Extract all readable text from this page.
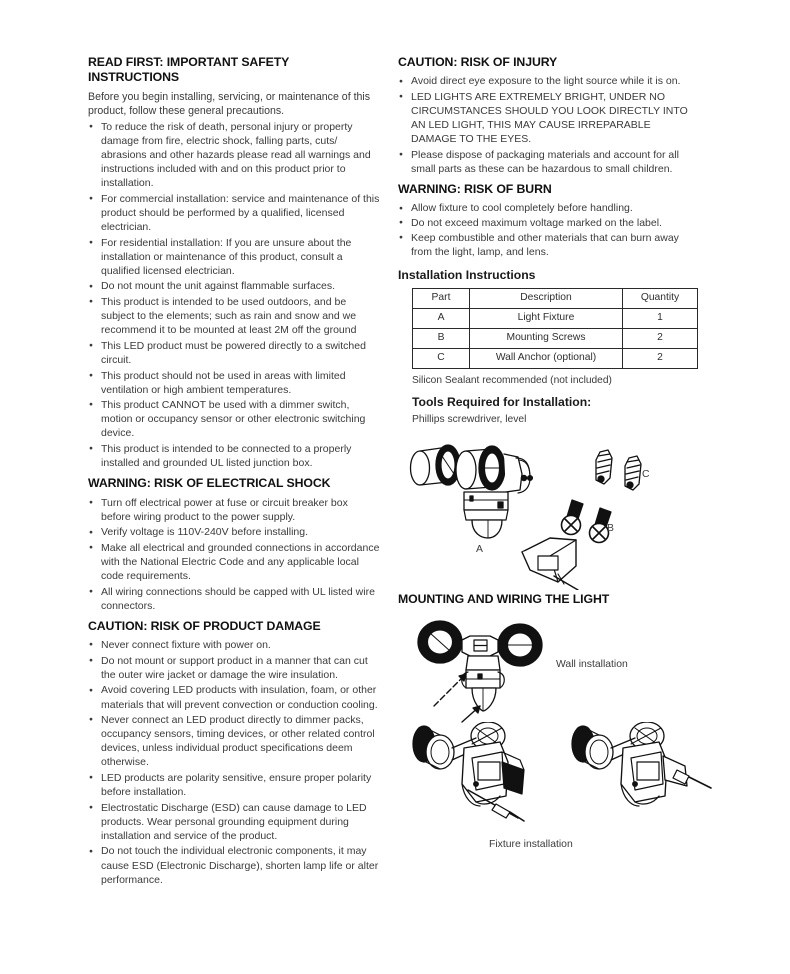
READ FIRST: IMPORTANT SAFETY INSTRUCTIONS

Before you begin installing, servicing, or maintenance of this product, follow these general precautions.

● To reduce the risk of death, personal injury or property damage from fire, electric shock, falling parts, cuts/ abrasions and other hazards please read all warnings and instructions included with and on this product prior to installation.
● For commercial installation: service and maintenance of this product should be performed by a qualified, licensed electrician.
● For residential installation: If you are unsure about the installation or maintenance of this product, consult a qualified licensed electrician.
● Do not mount the unit against flammable surfaces.
● This product is intended to be used outdoors, and be subject to the elements; such as rain and snow and we recommend it to be mounted at least 2M off the ground
● This LED product must be powered directly to a switched circuit.
● This product should not be used in areas with limited ventilation or high ambient temperatures.
● This product CANNOT be used with a dimmer switch, motion or occupancy sensor or other electronic switching device.
● This product is intended to be connected to a properly installed and grounded UL listed junction box.
WARNING: RISK OF ELECTRICAL SHOCK
● Turn off electrical power at fuse or circuit breaker box before wiring product to the power supply.
● Verify voltage is 110V-240V before installing.
● Make all electrical and grounded connections in accordance with the National Electric Code and any applicable local code requirements.
● All wiring connections should be capped with UL listed wire connectors.
CAUTION: RISK OF PRODUCT DAMAGE
● Never connect fixture with power on.
● Do not mount or support product in a manner that can cut the outer wire jacket or damage the wire insulation.
● Avoid covering LED products with insulation, foam, or other materials that will prevent convection or conduction cooling.
● Never connect an LED product directly to dimmer packs, occupancy sensors, timing devices, or other related control devices, unless individual product specifications deem otherwise.
● LED products are polarity sensitive, ensure proper polarity before installation.
● Electrostatic Discharge (ESD) can cause damage to LED products. Wear personal grounding equipment during installation and service of the product.
● Do not touch the individual electronic components, it may cause ESD (Electronic Discharge), shorten lamp life or alter performance.
CAUTION: RISK OF INJURY
● Avoid direct eye exposure to the light source while it is on.
● LED LIGHTS ARE EXTREMELY BRIGHT, UNDER NO CIRCUMSTANCES SHOULD YOU LOOK DIRECTLY INTO AN LED LIGHT, THIS MAY CAUSE IRREPARABLE DAMAGE TO THE EYES.
● Please dispose of packaging materials and account for all small parts as these can be hazardous to small children.
WARNING: RISK OF BURN
● Allow fixture to cool completely before handling.
● Do not exceed maximum voltage marked on the label.
● Keep combustible and other materials that can burn away from the light, lamp, and lens.
Installation Instructions
Part	Description	Quantity
A	Light Fixture	1
B	Mounting Screws	2
C	Wall Anchor (optional)	2

Silicon Sealant recommended (not included)

Tools Required for Installation:

Phillips screwdriver, level

A
B
C
MOUNTING AND WIRING THE LIGHT
Wall installation
Fixture installation
